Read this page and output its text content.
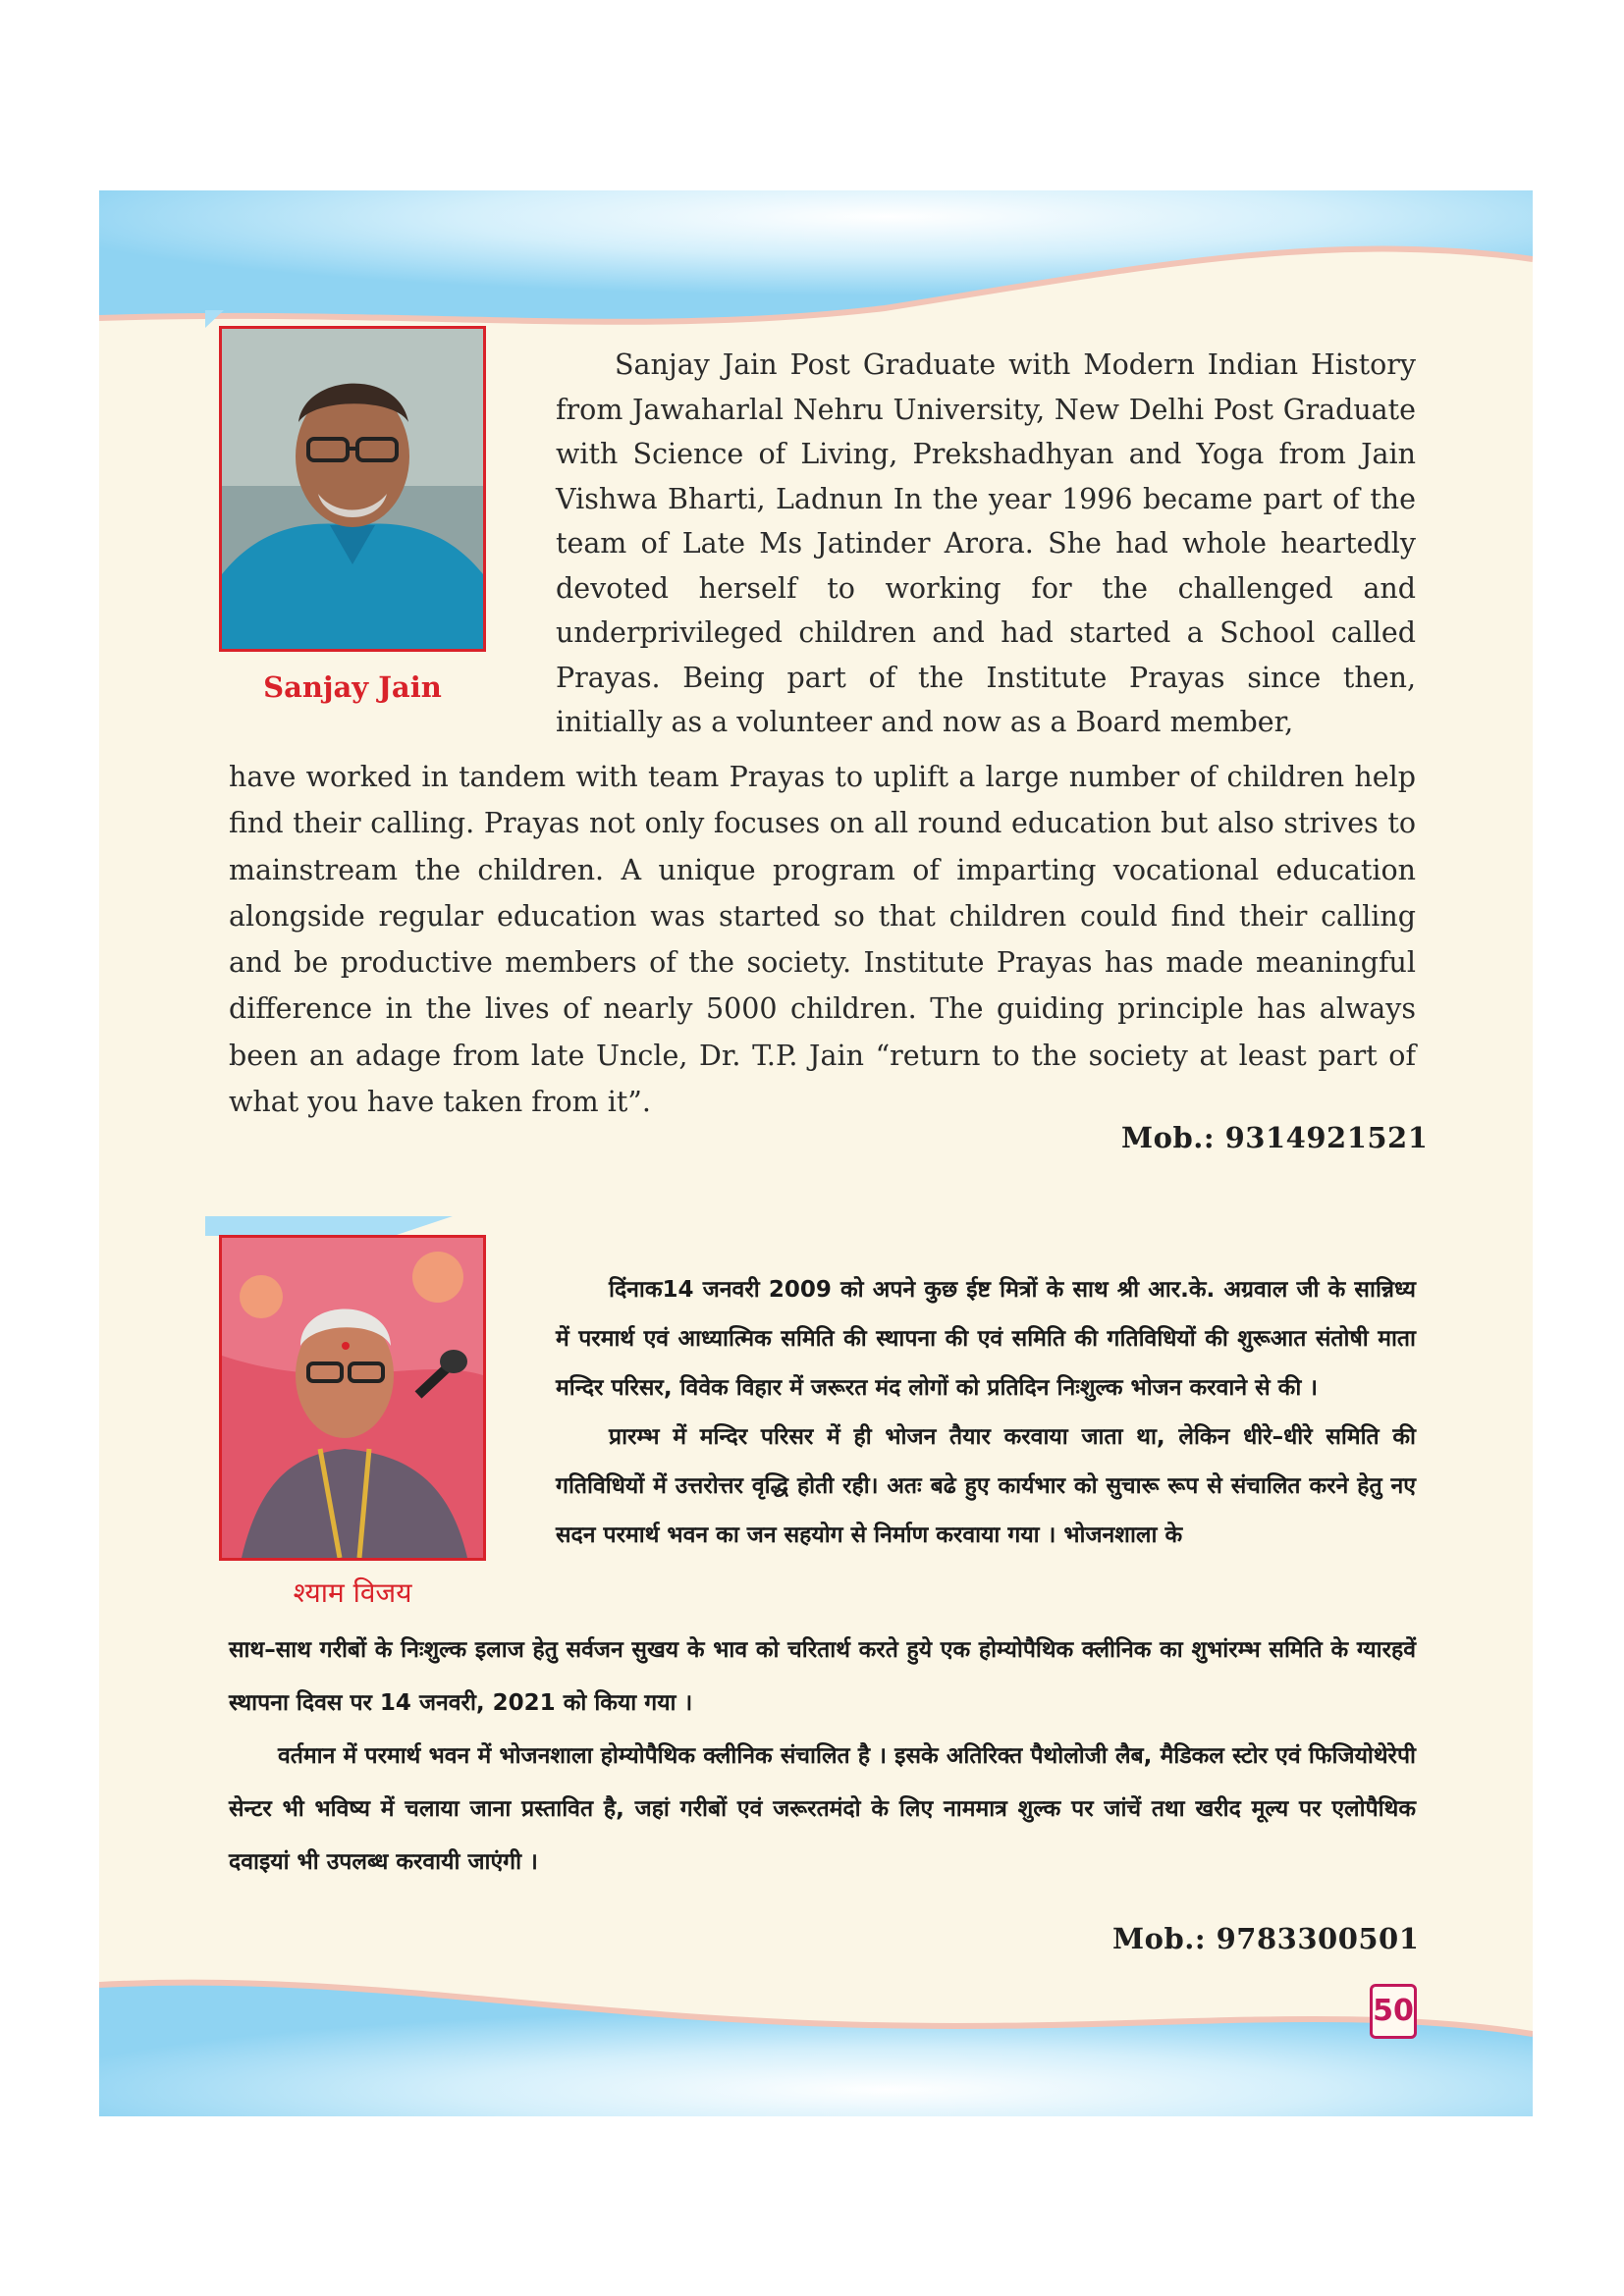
Sanjay Jain

Sanjay Jain Post Graduate with Modern Indian History from Jawaharlal Nehru University, New Delhi Post Graduate with Science of Living, Prekshadhyan and Yoga from Jain Vishwa Bharti, Ladnun In the year 1996 became part of the team of Late Ms Jatinder Arora. She had whole heartedly devoted herself to working for the challenged and underprivileged children and had started a School called Prayas. Being part of the Institute Prayas since then, initially as a volunteer and now as a Board member,

have worked in tandem with team Prayas to uplift a large number of children help find their calling. Prayas not only focuses on all round education but also strives to mainstream the children. A unique program of imparting vocational education alongside regular education was started so that children could find their calling and be productive members of the society. Institute Prayas has made meaningful difference in the lives of nearly 5000 children. The guiding principle has always been an adage from late Uncle, Dr. T.P. Jain “return to the society at least part of what you have taken from it”.

Mob.: 9314921521
श्याम विजय

दिंनाक14 जनवरी 2009 को अपने कुछ ईष्ट मित्रों के साथ श्री आर.के. अग्रवाल जी के सान्निध्य में परमार्थ एवं आध्यात्मिक समिति की स्थापना की एवं समिति की गतिविधियों की शुरूआत संतोषी माता मन्दिर परिसर, विवेक विहार में जरूरत मंद लोगों को प्रतिदिन निःशुल्क भोजन करवाने से की ।

प्रारम्भ में मन्दिर परिसर में ही भोजन तैयार करवाया जाता था, लेकिन धीरे–धीरे समिति की गतिविधियों में उत्तरोत्तर वृद्धि होती रही। अतः बढे हुए कार्यभार को सुचारू रूप से संचालित करने हेतु नए सदन परमार्थ भवन का जन सहयोग से निर्माण करवाया गया । भोजनशाला के

साथ–साथ गरीबों के निःशुल्क इलाज हेतु सर्वजन सुखय के भाव को चरितार्थ करते हुये एक होम्योपैथिक क्लीनिक का शुभांरम्भ समिति के ग्यारहवें स्थापना दिवस पर 14 जनवरी, 2021 को किया गया ।

वर्तमान में परमार्थ भवन में भोजनशाला होम्योपैथिक क्लीनिक संचालित है । इसके अतिरिक्त पैथोलोजी लैब, मैडिकल स्टोर एवं फिजियोथेरेपी सेन्टर भी भविष्य में चलाया जाना प्रस्तावित है, जहां गरीबों एवं जरूरतमंदो के लिए नाममात्र शुल्क पर जांचें तथा खरीद मूल्य पर एलोपैथिक दवाइयां भी उपलब्ध करवायी जाएंगी ।

Mob.: 9783300501
50
